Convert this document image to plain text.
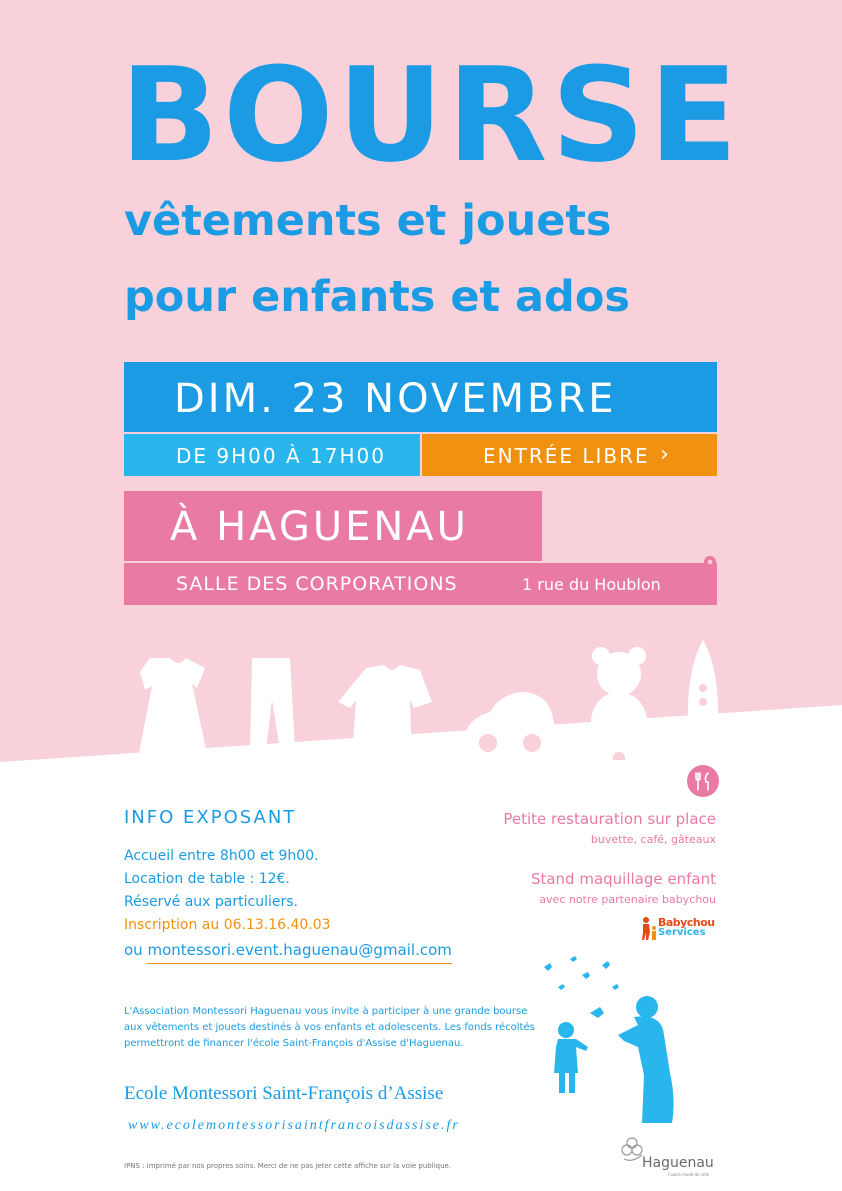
BOURSE
vêtements et jouets
pour enfants et ados
DIM. 23 NOVEMBRE
DE 9H00 À 17H00	ENTRÉE LIBRE ›
À HAGUENAU
SALLE DES CORPORATIONS	1 rue du Houblon
INFO EXPOSANT
Accueil entre 8h00 et 9h00.
Location de table : 12€.
Réservé aux particuliers.
Inscription au 06.13.16.40.03
ou montessori.event.haguenau@gmail.com
Petite restauration sur place
buvette, café, gâteaux
Stand maquillage enfant
avec notre partenaire babychou
Babychou
Services
L'Association Montessori Haguenau vous invite à participer à une grande bourse aux vêtements et jouets destinés à vos enfants et adolescents. Les fonds récoltés permettront de financer l'école Saint-François d'Assise d'Haguenau.
Ecole Montessori Saint-François d’Assise
www.ecolemontessorisaintfrancoisdassise.fr
IPNS : imprimé par nos propres soins. Merci de ne pas jeter cette affiche sur la voie publique.	Haguenau
l'autre mode de ville
